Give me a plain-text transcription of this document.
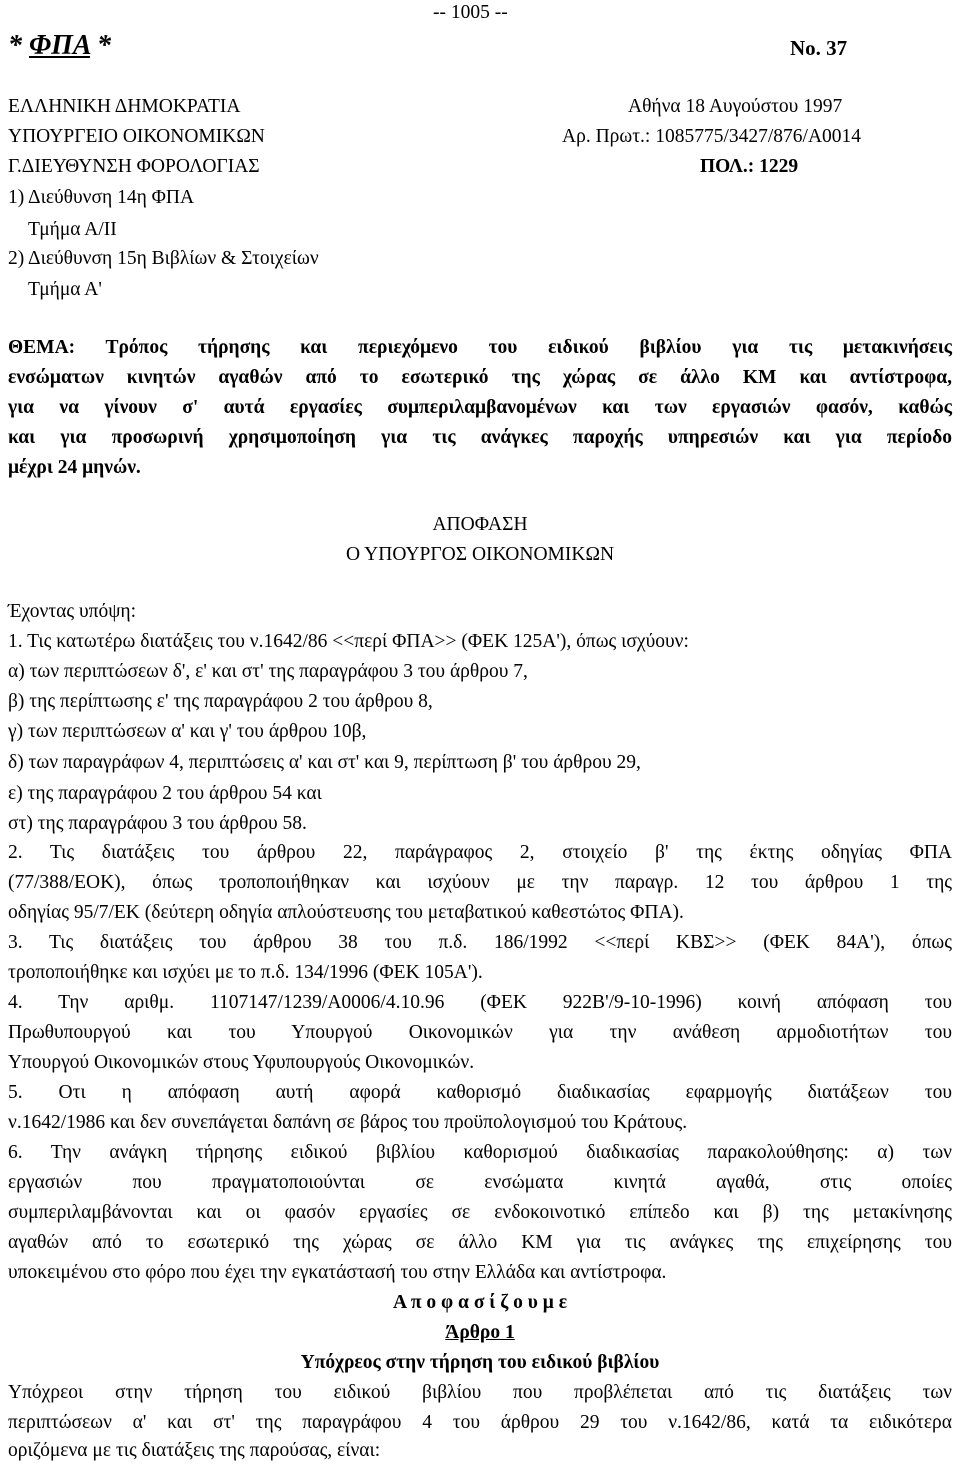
-- 1005 --
* ΦΠΑ *	No. 37
ΕΛΛΗΝΙΚΗ ΔΗΜΟΚΡΑΤΙΑ
ΥΠΟΥΡΓΕΙΟ ΟΙΚΟΝΟΜΙΚΩΝ
Γ.ΔΙΕΥΘΥΝΣΗ ΦΟΡΟΛΟΓΙΑΣ
1) Διεύθυνση 14η ΦΠΑ
Τμήμα Α/ΙΙ
2) Διεύθυνση 15η Βιβλίων & Στοιχείων
Τμήμα Α'
Αθήνα 18 Αυγούστου 1997
Αρ. Πρωτ.: 1085775/3427/876/Α0014
ΠΟΛ.: 1229
ΘΕΜΑ: Τρόπος τήρησης και περιεχόμενο του ειδικού βιβλίου για τις μετακινήσεις
ενσώματων κινητών αγαθών από το εσωτερικό της χώρας σε άλλο ΚΜ και αντίστροφα,
για να γίνουν σ' αυτά εργασίες συμπεριλαμβανομένων και των εργασιών φασόν, καθώς
και για προσωρινή χρησιμοποίηση για τις ανάγκες παροχής υπηρεσιών και για περίοδο
μέχρι 24 μηνών.
ΑΠΟΦΑΣΗ
Ο ΥΠΟΥΡΓΟΣ ΟΙΚΟΝΟΜΙΚΩΝ
Έχοντας υπόψη:
1. Τις κατωτέρω διατάξεις του ν.1642/86 <<περί ΦΠΑ>> (ΦΕΚ 125Α'), όπως ισχύουν:
α) των περιπτώσεων δ', ε' και στ' της παραγράφου 3 του άρθρου 7,
β) της περίπτωσης ε' της παραγράφου 2 του άρθρου 8,
γ) των περιπτώσεων α' και γ' του άρθρου 10β,
δ) των παραγράφων 4, περιπτώσεις α' και στ' και 9, περίπτωση β' του άρθρου 29,
ε) της παραγράφου 2 του άρθρου 54 και
στ) της παραγράφου 3 του άρθρου 58.
2. Τις διατάξεις του άρθρου 22, παράγραφος 2, στοιχείο β' της έκτης οδηγίας ΦΠΑ
(77/388/ΕΟΚ), όπως τροποποιήθηκαν και ισχύουν με την παραγρ. 12 του άρθρου 1 της
οδηγίας 95/7/ΕΚ (δεύτερη οδηγία απλούστευσης του μεταβατικού καθεστώτος ΦΠΑ).
3. Τις διατάξεις του άρθρου 38 του π.δ. 186/1992 <<περί ΚΒΣ>> (ΦΕΚ 84Α'), όπως
τροποποιήθηκε και ισχύει με το π.δ. 134/1996 (ΦΕΚ 105Α').
4. Την αριθμ. 1107147/1239/Α0006/4.10.96 (ΦΕΚ 922Β'/9-10-1996) κοινή απόφαση του
Πρωθυπουργού και του Υπουργού Οικονομικών για την ανάθεση αρμοδιοτήτων του
Υπουργού Οικονομικών στους Υφυπουργούς Οικονομικών.
5. Οτι η απόφαση αυτή αφορά καθορισμό διαδικασίας εφαρμογής διατάξεων του
ν.1642/1986 και δεν συνεπάγεται δαπάνη σε βάρος του προϋπολογισμού του Κράτους.
6. Την ανάγκη τήρησης ειδικού βιβλίου καθορισμού διαδικασίας παρακολούθησης: α) των
εργασιών που πραγματοποιούνται σε ενσώματα κινητά αγαθά, στις οποίες
συμπεριλαμβάνονται και οι φασόν εργασίες σε ενδοκοινοτικό επίπεδο και β) της μετακίνησης
αγαθών από το εσωτερικό της χώρας σε άλλο ΚΜ για τις ανάγκες της επιχείρησης του
υποκειμένου στο φόρο που έχει την εγκατάστασή του στην Ελλάδα και αντίστροφα.
Α π ο φ α σ ί ζ ο υ μ ε
Άρθρο 1
Υπόχρεος στην τήρηση του ειδικού βιβλίου
Υπόχρεοι στην τήρηση του ειδικού βιβλίου που προβλέπεται από τις διατάξεις των
περιπτώσεων α' και στ' της παραγράφου 4 του άρθρου 29 του ν.1642/86, κατά τα ειδικότερα
οριζόμενα με τις διατάξεις της παρούσας, είναι:
